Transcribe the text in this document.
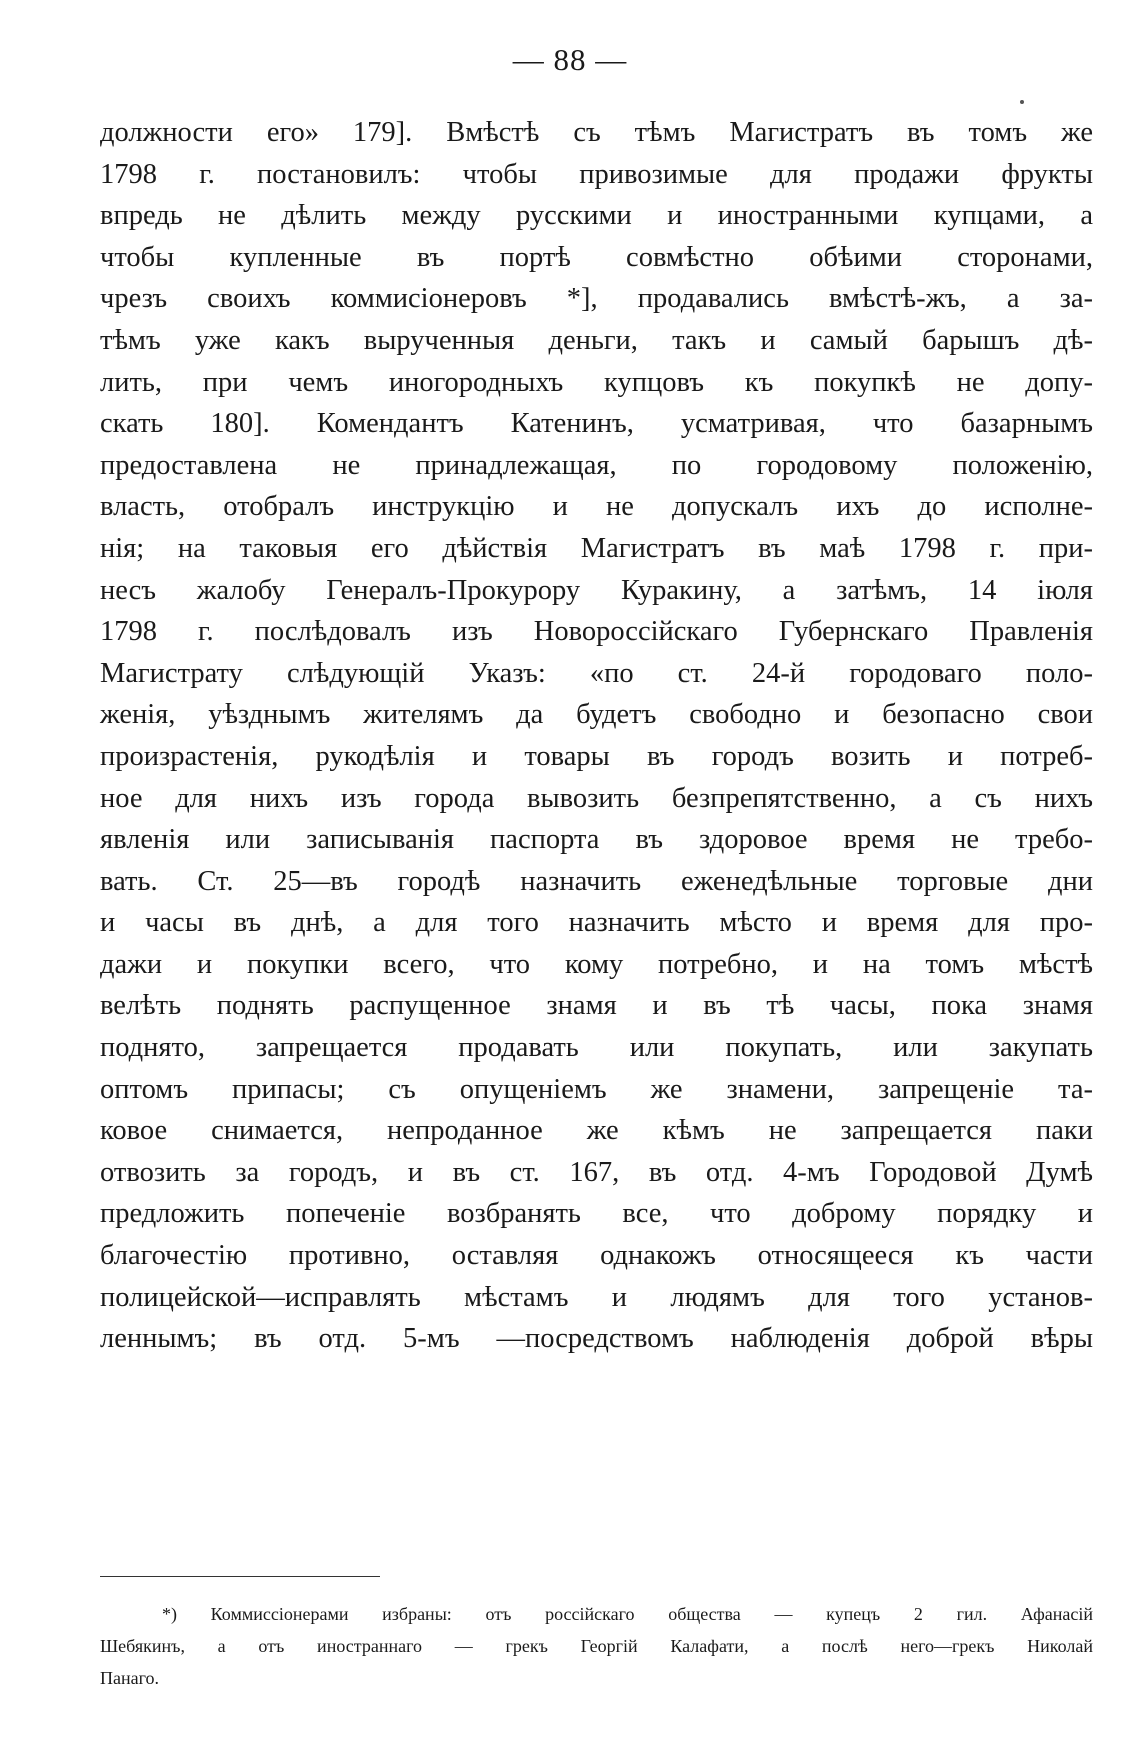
— 88 —
должности его» 179]. Вмѣстѣ съ тѣмъ Магистратъ въ томъ же
1798 г. постановилъ: чтобы привозимые для продажи фрукты
впредь не дѣлить между русскими и иностранными купцами, а
чтобы купленные въ портѣ совмѣстно обѣими сторонами,
чрезъ своихъ коммисіонеровъ *], продавались вмѣстѣ-жъ, а за-
тѣмъ уже какъ вырученныя деньги, такъ и самый барышъ дѣ-
лить, при чемъ иногородныхъ купцовъ къ покупкѣ не допу-
скать 180]. Комендантъ Катенинъ, усматривая, что базарнымъ
предоставлена не принадлежащая, по городовому положенію,
власть, отобралъ инструкцію и не допускалъ ихъ до исполне-
нія; на таковыя его дѣйствія Магистратъ въ маѣ 1798 г. при-
несъ жалобу Генералъ-Прокурору Куракину, а затѣмъ, 14 іюля
1798 г. послѣдовалъ изъ Новороссійскаго Губернскаго Правленія
Магистрату слѣдующій Указъ: «по ст. 24-й городоваго поло-
женія, уѣзднымъ жителямъ да будетъ свободно и безопасно свои
произрастенія, рукодѣлія и товары въ городъ возить и потреб-
ное для нихъ изъ города вывозить безпрепятственно, а съ нихъ
явленія или записыванія паспорта въ здоровое время не требо-
вать. Ст. 25—въ городѣ назначить еженедѣльные торговые дни
и часы въ днѣ, а для того назначить мѣсто и время для про-
дажи и покупки всего, что кому потребно, и на томъ мѣстѣ
велѣть поднять распущенное знамя и въ тѣ часы, пока знамя
поднято, запрещается продавать или покупать, или закупать
оптомъ припасы; съ опущеніемъ же знамени, запрещеніе та-
ковое снимается, непроданное же кѣмъ не запрещается паки
отвозить за городъ, и въ ст. 167, въ отд. 4-мъ Городовой Думѣ
предложить попеченіе возбранять все, что доброму порядку и
благочестію противно, оставляя однакожъ относящееся къ части
полицейской—исправлять мѣстамъ и людямъ для того установ-
леннымъ; въ отд. 5-мъ —посредствомъ наблюденія доброй вѣры
*) Коммиссіонерами избраны: отъ россійскаго общества — купецъ 2 гил. Афанасій
Шебякинъ, а отъ иностраннаго — грекъ Георгій Калафати, а послѣ него—грекъ Николай
Панаго.
